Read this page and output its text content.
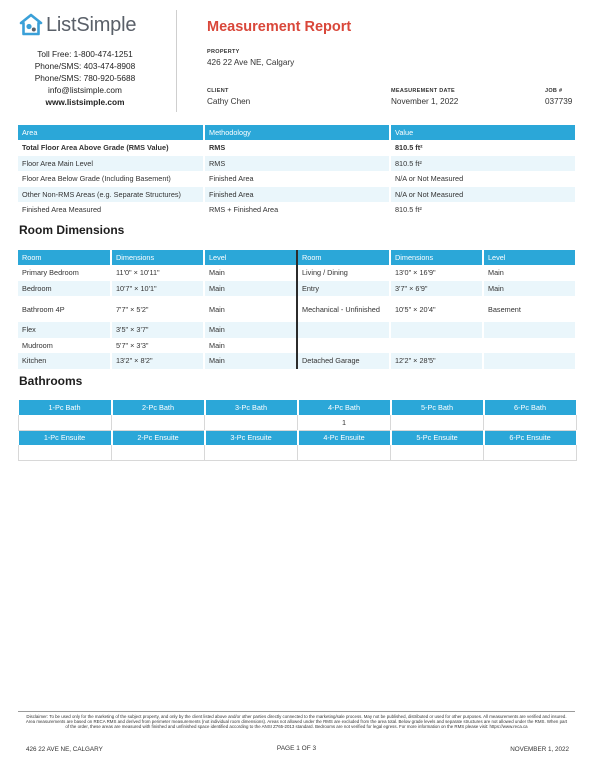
ListSimple
Toll Free: 1-800-474-1251
Phone/SMS: 403-474-8908
Phone/SMS: 780-920-5688
info@listsimple.com
www.listsimple.com
Measurement Report
PROPERTY
426 22 Ave NE, Calgary
CLIENT
Cathy Chen
MEASUREMENT DATE
November 1, 2022
JOB #
037739
Area	Methodology	Value
Total Floor Area Above Grade (RMS Value)	RMS	810.5 ft²
Floor Area Main Level	RMS	810.5 ft²
Floor Area Below Grade (Including Basement)	Finished Area	N/A or Not Measured
Other Non-RMS Areas (e.g. Separate Structures)	Finished Area	N/A or Not Measured
Finished Area Measured	RMS + Finished Area	810.5 ft²
Room Dimensions
Room	Dimensions	Level	Room	Dimensions	Level
Primary Bedroom	11'0" × 10'11"	Main	Living / Dining	13'0" × 16'9"	Main
Bedroom	10'7" × 10'1"	Main	Entry	3'7" × 6'9"	Main
Bathroom 4P	7'7" × 5'2"	Main	Mechanical - Unfinished	10'5" × 20'4"	Basement
Flex	3'5" × 3'7"	Main			
Mudroom	5'7" × 3'3"	Main			
Kitchen	13'2" × 8'2"	Main	Detached Garage	12'2" × 28'5"	
Bathrooms
1-Pc Bath	2-Pc Bath	3-Pc Bath	4-Pc Bath	5-Pc Bath	6-Pc Bath
			1		
1-Pc Ensuite	2-Pc Ensuite	3-Pc Ensuite	4-Pc Ensuite	5-Pc Ensuite	6-Pc Ensuite

Disclaimer: To be used only for the marketing of the subject property, and only by the client listed above and/or other parties directly connected to the marketing/sale process. May not be published, distributed or used for other purposes. All measurements are verified and insured. Area measurements are based on RECA RMS and derived from perimeter measurements (not individual room dimensions). Areas not allowed under the RMS are excluded from the area total. Below grade levels and separate structures are not allowed under the RMS. When part of the order, these areas are measured with finished and unfinished space identified according to the ANSI Z765-2013 standard. Bedrooms are not verified for legal egress. For more information on the RMS please visit: https://www.reca.ca
426 22 AVE NE, CALGARY	PAGE 1 OF 3	NOVEMBER 1, 2022
